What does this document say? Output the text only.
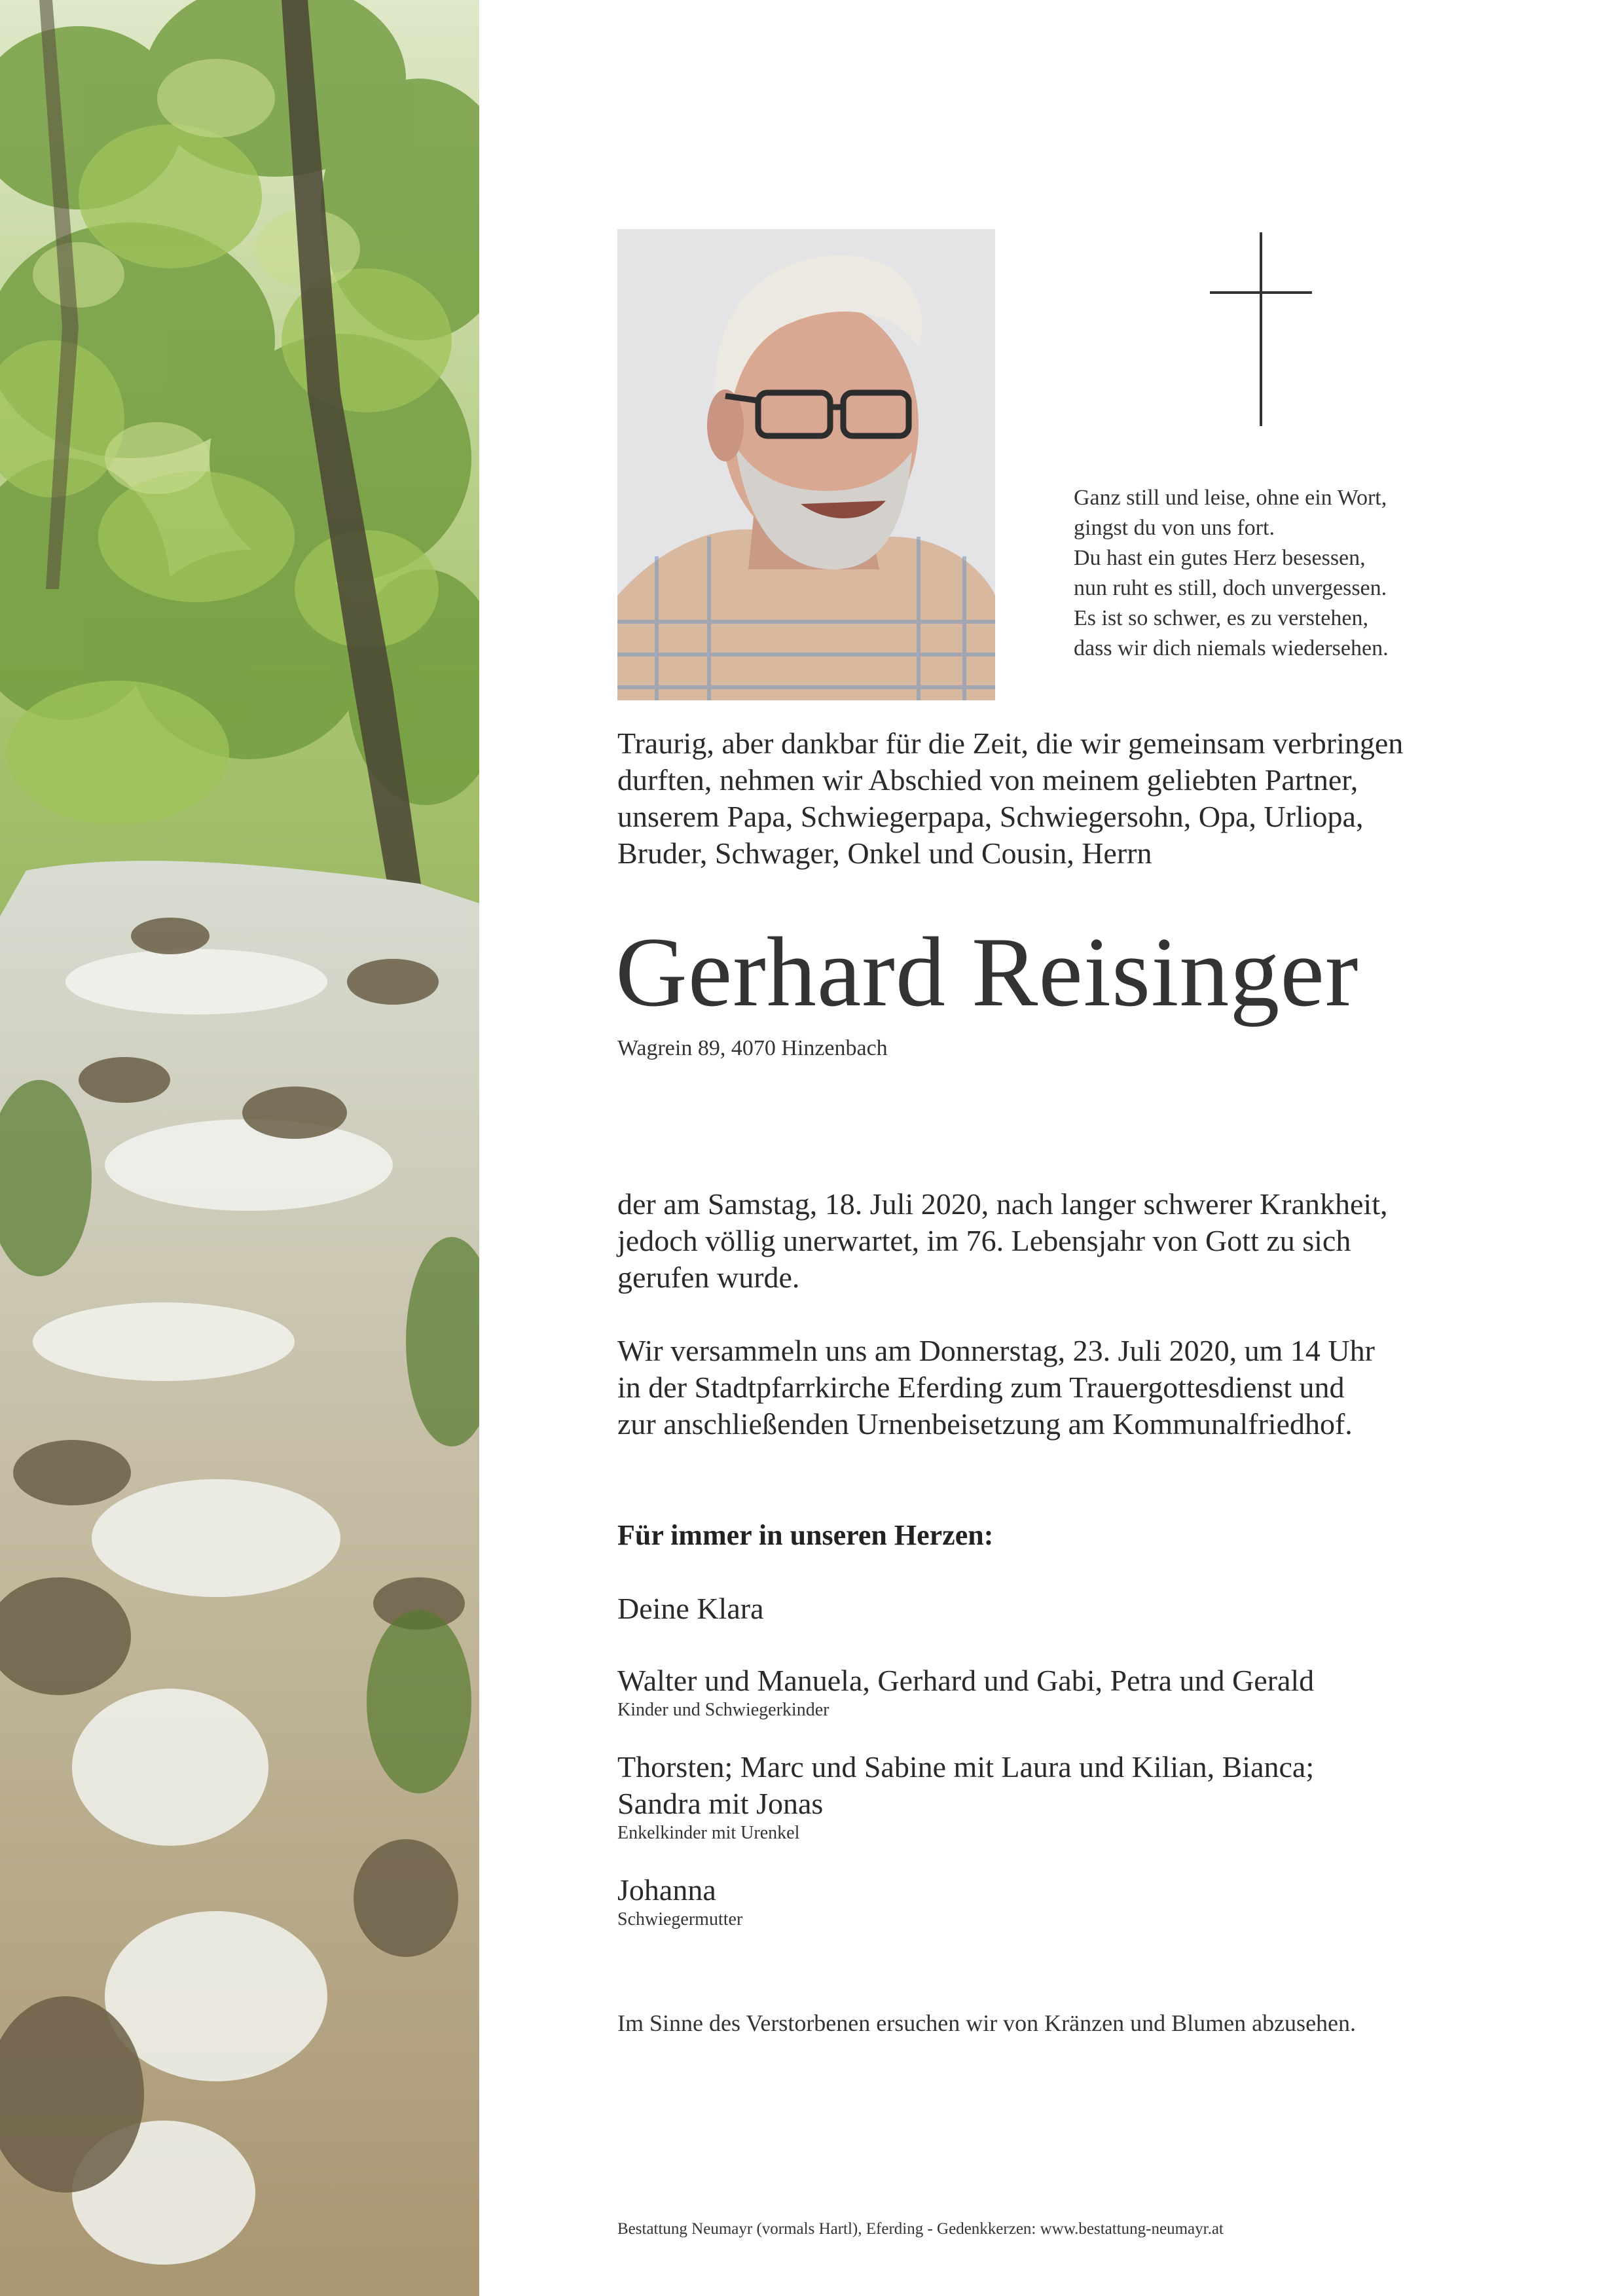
Ganz still und leise, ohne ein Wort,
gingst du von uns fort.
Du hast ein gutes Herz besessen,
nun ruht es still, doch unvergessen.
Es ist so schwer, es zu verstehen,
dass wir dich niemals wiedersehen.
Traurig, aber dankbar für die Zeit, die wir gemeinsam verbringen
durften, nehmen wir Abschied von meinem geliebten Partner,
unserem Papa, Schwiegerpapa, Schwiegersohn, Opa, Urliopa,
Bruder, Schwager, Onkel und Cousin, Herrn
Gerhard Reisinger
Wagrein 89, 4070 Hinzenbach
der am Samstag, 18. Juli 2020, nach langer schwerer Krankheit,
jedoch völlig unerwartet, im 76. Lebensjahr von Gott zu sich
gerufen wurde.
Wir versammeln uns am Donnerstag, 23. Juli 2020, um 14 Uhr
in der Stadtpfarrkirche Eferding zum Trauergottesdienst und
zur anschließenden Urnenbeisetzung am Kommunalfriedhof.
Für immer in unseren Herzen:
Deine Klara
Walter und Manuela, Gerhard und Gabi, Petra und Gerald
Kinder und Schwiegerkinder
Thorsten; Marc und Sabine mit Laura und Kilian, Bianca;
Sandra mit Jonas
Enkelkinder mit Urenkel
Johanna
Schwiegermutter
Im Sinne des Verstorbenen ersuchen wir von Kränzen und Blumen abzusehen.
Bestattung Neumayr (vormals Hartl), Eferding - Gedenkkerzen: www.bestattung-neumayr.at
